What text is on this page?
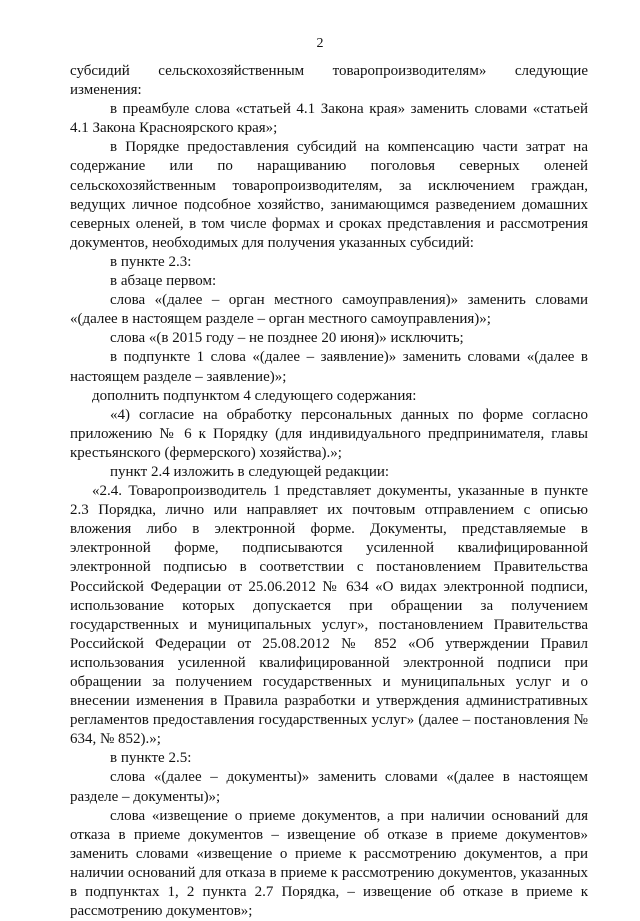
2

субсидий сельскохозяйственным товаропроизводителям» следующие изменения:

в преамбуле слова «статьей 4.1 Закона края» заменить словами «статьей 4.1 Закона Красноярского края»;

в Порядке предоставления субсидий на компенсацию части затрат на содержание или по наращиванию поголовья северных оленей сельскохозяйственным товаропроизводителям, за исключением граждан, ведущих личное подсобное хозяйство, занимающимся разведением домашних северных оленей, в том числе формах и сроках представления и рассмотрения документов, необходимых для получения указанных субсидий:

в пункте 2.3:

в абзаце первом:

слова «(далее – орган местного самоуправления)» заменить словами «(далее в настоящем разделе – орган местного самоуправления)»;

слова «(в 2015 году – не позднее 20 июня)» исключить;

в подпункте 1 слова «(далее – заявление)» заменить словами «(далее в настоящем разделе – заявление)»;

дополнить подпунктом 4 следующего содержания:

«4) согласие на обработку персональных данных по форме согласно приложению № 6 к Порядку (для индивидуального предпринимателя, главы крестьянского (фермерского) хозяйства).»;

пункт 2.4 изложить в следующей редакции:

«2.4. Товаропроизводитель 1 представляет документы, указанные в пункте 2.3 Порядка, лично или направляет их почтовым отправлением с описью вложения либо в электронной форме. Документы, представляемые в электронной форме, подписываются усиленной квалифицированной электронной подписью в соответствии с постановлением Правительства Российской Федерации от 25.06.2012 № 634 «О видах электронной подписи, использование которых допускается при обращении за получением государственных и муниципальных услуг», постановлением Правительства Российской Федерации от 25.08.2012 № 852 «Об утверждении Правил использования усиленной квалифицированной электронной подписи при обращении за получением государственных и муниципальных услуг и о внесении изменения в Правила разработки и утверждения административных регламентов предоставления государственных услуг» (далее – постановления № 634, № 852).»;

в пункте 2.5:

слова «(далее – документы)» заменить словами «(далее в настоящем разделе – документы)»;

слова «извещение о приеме документов, а при наличии оснований для отказа в приеме документов – извещение об отказе в приеме документов» заменить словами «извещение о приеме к рассмотрению документов, а при наличии оснований для отказа в приеме к рассмотрению документов, указанных в подпунктах 1, 2 пункта 2.7 Порядка, – извещение об отказе в приеме к рассмотрению документов»;
